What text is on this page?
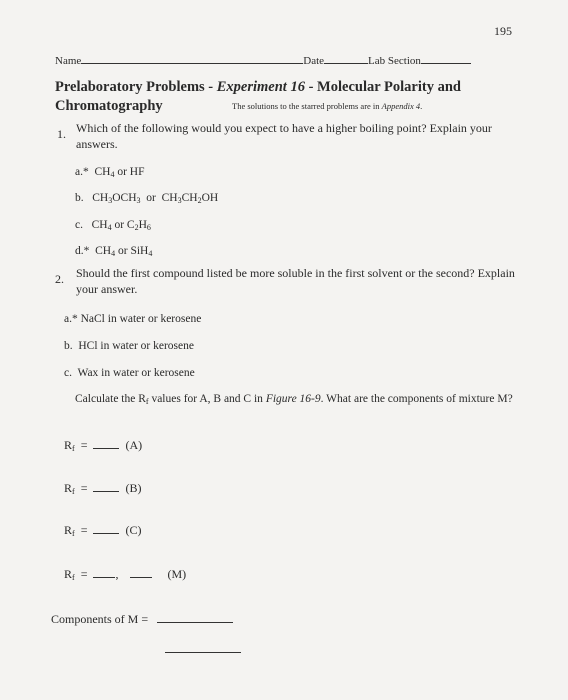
195
Name	Date	Lab Section
Prelaboratory Problems - Experiment 16 - Molecular Polarity and
Chromatography	The solutions to the starred problems are in Appendix 4.
1. Which of the following would you expect to have a higher boiling point? Explain your
answers.
a.*  $CH_4$ or HF
b.   $CH_3OCH_3$  or  $CH_3CH_2OH$
c.   $CH_4$ or $C_2H_6$
d.*  $CH_4$ or SiH$_4$
2. Should the first compound listed be more soluble in the first solvent or the second? Explain
your answer.
a.* NaCl in water or kerosene
b.  HCl in water or kerosene
c.  Wax in water or kerosene
Calculate the $R_f$ values for A, B and C in Figure 16-9. What are the components of mixture M?
$R_f$  =	(A)
$R_f$  =	(B)
$R_f$  =	(C)
$R_f$  =  ,	(M)
Components of M =
